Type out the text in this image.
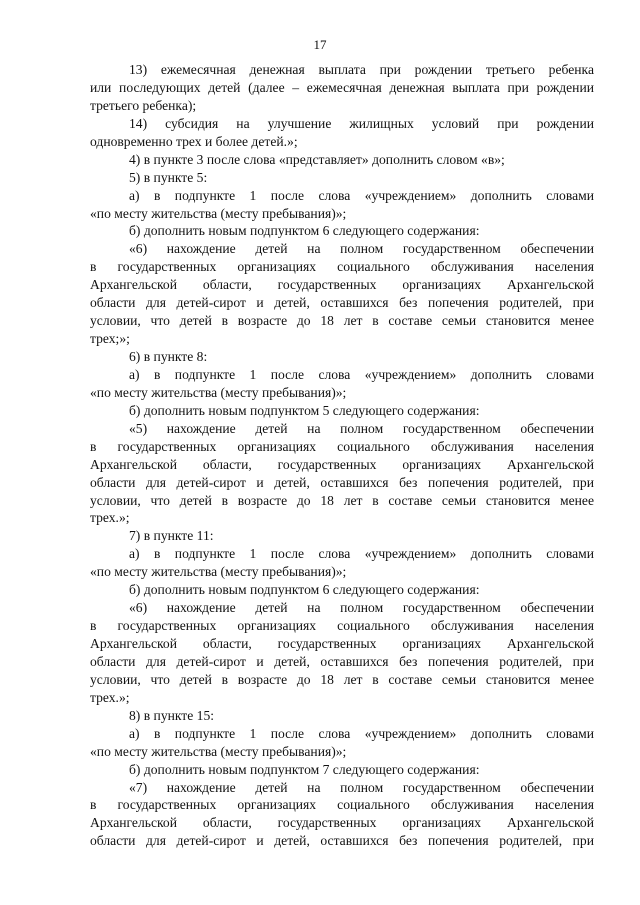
17
13) ежемесячная денежная выплата при рождении третьего ребенка
или последующих детей (далее – ежемесячная денежная выплата при рождении
третьего ребенка);
14) субсидия на улучшение жилищных условий при рождении
одновременно трех и более детей.»;
4) в пункте 3 после слова «представляет» дополнить словом «в»;
5) в пункте 5:
а) в подпункте 1 после слова «учреждением» дополнить словами
«по месту жительства (месту пребывания)»;
б) дополнить новым подпунктом 6 следующего содержания:
«6) нахождение детей на полном государственном обеспечении
в государственных организациях социального обслуживания населения
Архангельской области, государственных организациях Архангельской
области для детей-сирот и детей, оставшихся без попечения родителей, при
условии, что детей в возрасте до 18 лет в составе семьи становится менее
трех;»;
6) в пункте 8:
а) в подпункте 1 после слова «учреждением» дополнить словами
«по месту жительства (месту пребывания)»;
б) дополнить новым подпунктом 5 следующего содержания:
«5) нахождение детей на полном государственном обеспечении
в государственных организациях социального обслуживания населения
Архангельской области, государственных организациях Архангельской
области для детей-сирот и детей, оставшихся без попечения родителей, при
условии, что детей в возрасте до 18 лет в составе семьи становится менее
трех.»;
7) в пункте 11:
а) в подпункте 1 после слова «учреждением» дополнить словами
«по месту жительства (месту пребывания)»;
б) дополнить новым подпунктом 6 следующего содержания:
«6) нахождение детей на полном государственном обеспечении
в государственных организациях социального обслуживания населения
Архангельской области, государственных организациях Архангельской
области для детей-сирот и детей, оставшихся без попечения родителей, при
условии, что детей в возрасте до 18 лет в составе семьи становится менее
трех.»;
8) в пункте 15:
а) в подпункте 1 после слова «учреждением» дополнить словами
«по месту жительства (месту пребывания)»;
б) дополнить новым подпунктом 7 следующего содержания:
«7) нахождение детей на полном государственном обеспечении
в государственных организациях социального обслуживания населения
Архангельской области, государственных организациях Архангельской
области для детей-сирот и детей, оставшихся без попечения родителей, при
